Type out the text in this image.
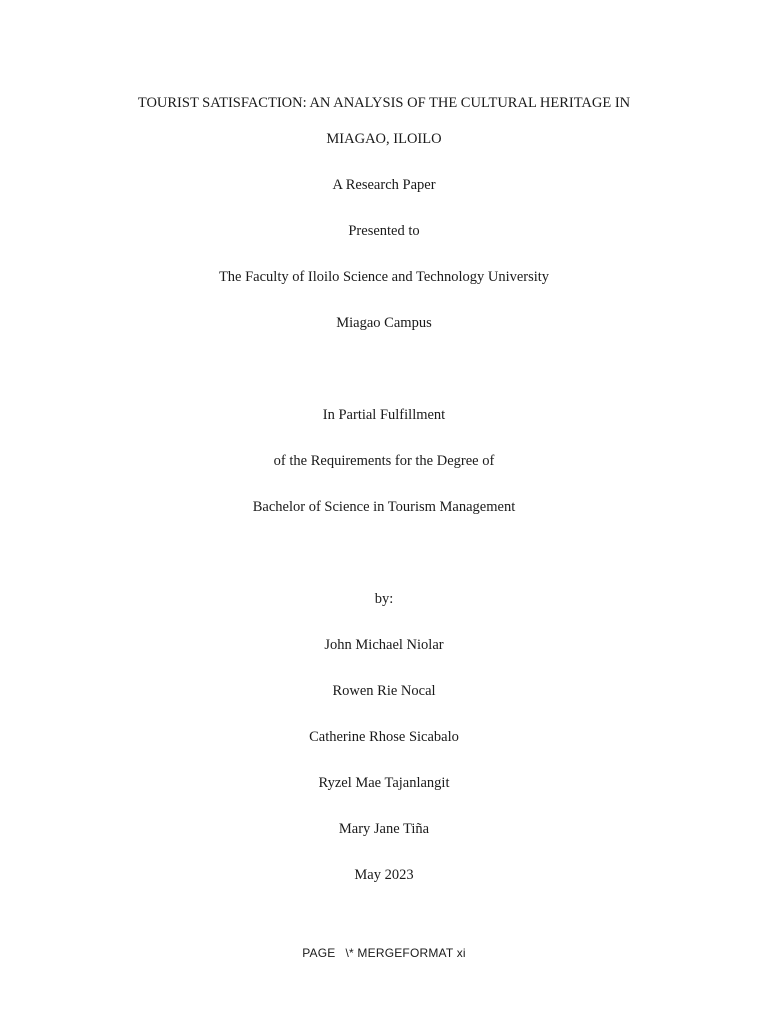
TOURIST SATISFACTION: AN ANALYSIS OF THE CULTURAL HERITAGE IN
MIAGAO, ILOILO
A Research Paper
Presented to
The Faculty of Iloilo Science and Technology University
Miagao Campus
In Partial Fulfillment
of the Requirements for the Degree of
Bachelor of Science in Tourism Management
by:
John Michael Niolar
Rowen Rie Nocal
Catherine Rhose Sicabalo
Ryzel Mae Tajanlangit
Mary Jane Tiña
May 2023
PAGE \* MERGEFORMAT xi
